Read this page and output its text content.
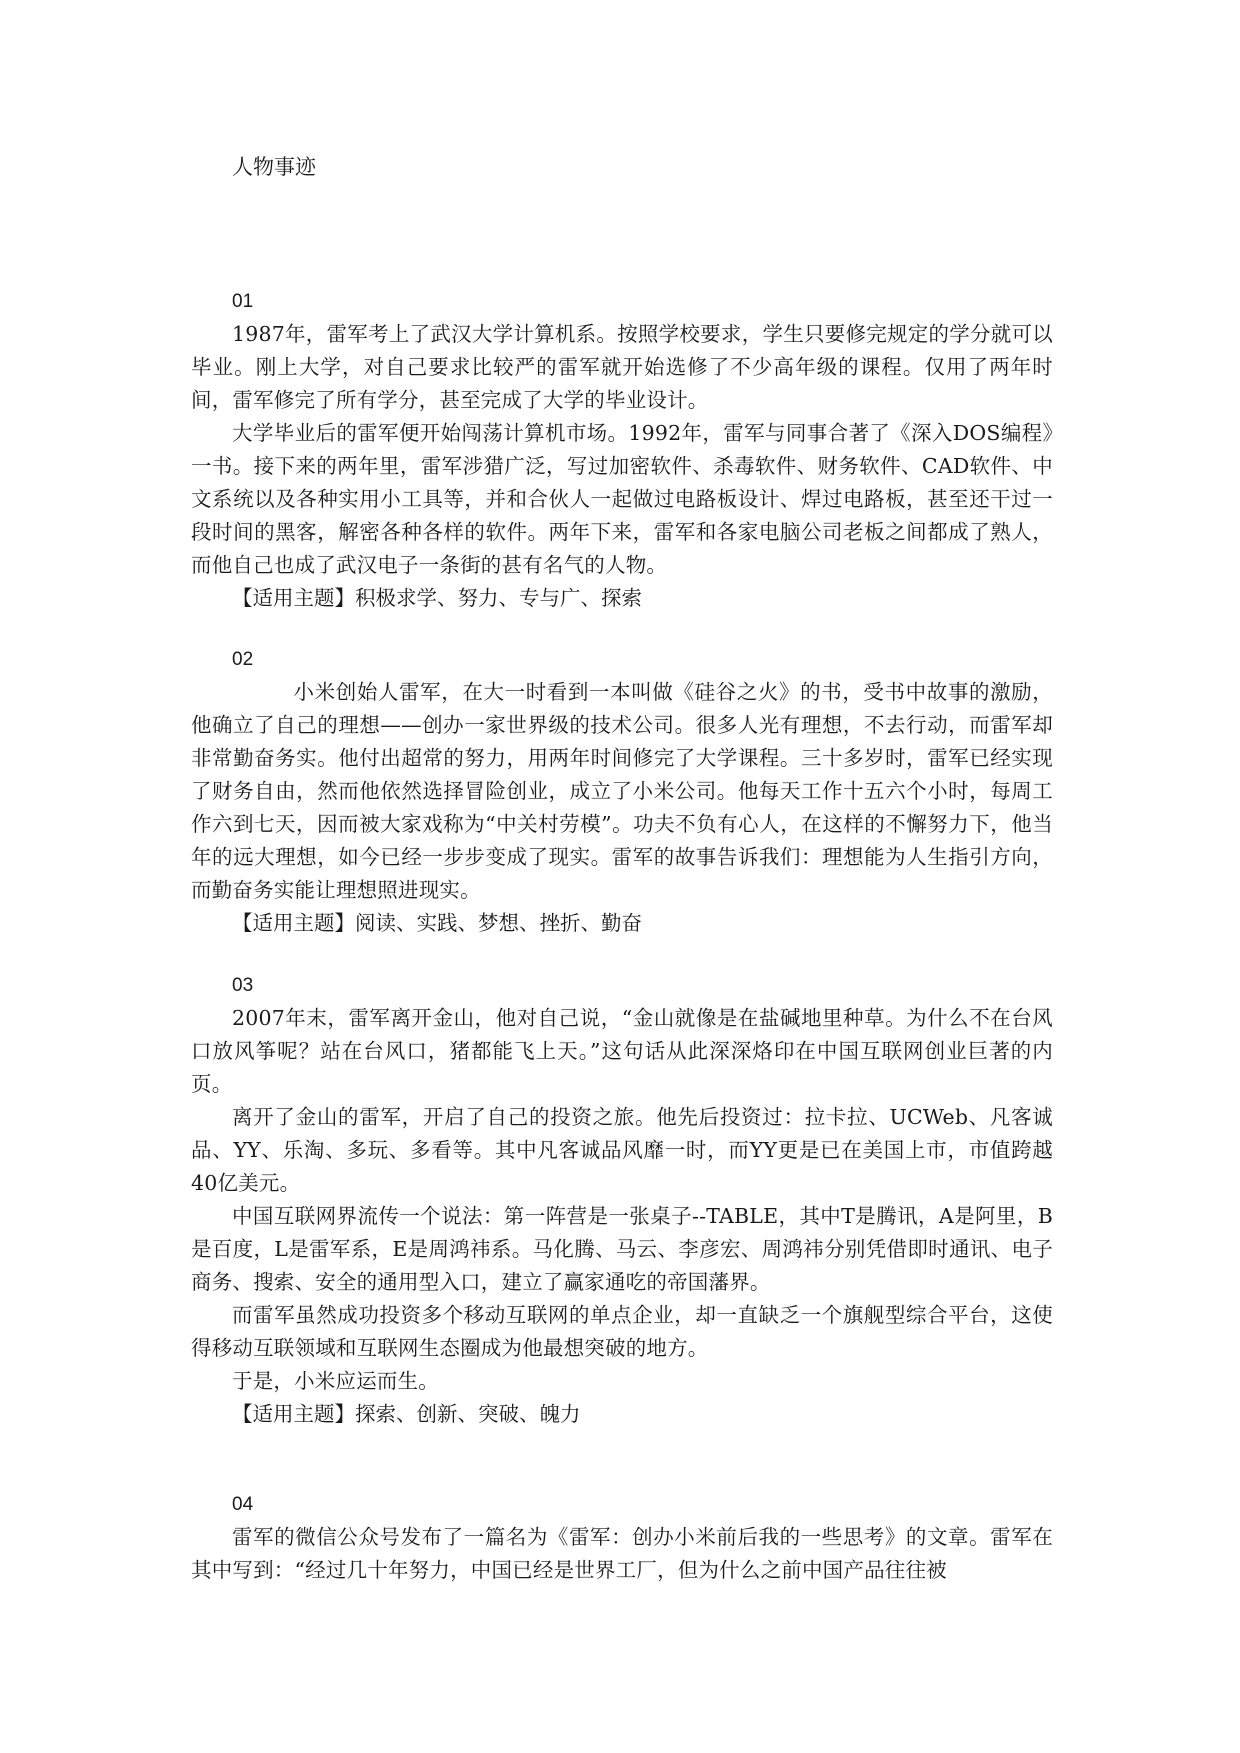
人物事迹
01

1987年，雷军考上了武汉大学计算机系。按照学校要求，学生只要修完规定的学分就可以毕业。刚上大学，对自己要求比较严的雷军就开始选修了不少高年级的课程。仅用了两年时间，雷军修完了所有学分，甚至完成了大学的毕业设计。

大学毕业后的雷军便开始闯荡计算机市场。1992年，雷军与同事合著了《深入DOS编程》一书。接下来的两年里，雷军涉猎广泛，写过加密软件、杀毒软件、财务软件、CAD软件、中文系统以及各种实用小工具等，并和合伙人一起做过电路板设计、焊过电路板，甚至还干过一段时间的黑客，解密各种各样的软件。两年下来，雷军和各家电脑公司老板之间都成了熟人，而他自己也成了武汉电子一条街的甚有名气的人物。

【适用主题】积极求学、努力、专与广、探索

02

小米创始人雷军，在大一时看到一本叫做《硅谷之火》的书，受书中故事的激励，他确立了自己的理想——创办一家世界级的技术公司。很多人光有理想，不去行动，而雷军却非常勤奋务实。他付出超常的努力，用两年时间修完了大学课程。三十多岁时，雷军已经实现了财务自由，然而他依然选择冒险创业，成立了小米公司。他每天工作十五六个小时，每周工作六到七天，因而被大家戏称为“中关村劳模”。功夫不负有心人，在这样的不懈努力下，他当年的远大理想，如今已经一步步变成了现实。雷军的故事告诉我们：理想能为人生指引方向，而勤奋务实能让理想照进现实。

【适用主题】阅读、实践、梦想、挫折、勤奋

03

2007年末，雷军离开金山，他对自己说，“金山就像是在盐碱地里种草。为什么不在台风口放风筝呢？站在台风口，猪都能飞上天。”这句话从此深深烙印在中国互联网创业巨著的内页。

离开了金山的雷军，开启了自己的投资之旅。他先后投资过：拉卡拉、UCWeb、凡客诚品、YY、乐淘、多玩、多看等。其中凡客诚品风靡一时，而YY更是已在美国上市，市值跨越40亿美元。

中国互联网界流传一个说法：第一阵营是一张桌子--TABLE，其中T是腾讯，A是阿里，B是百度，L是雷军系，E是周鸿祎系。马化腾、马云、李彦宏、周鸿祎分别凭借即时通讯、电子商务、搜索、安全的通用型入口，建立了赢家通吃的帝国藩界。

而雷军虽然成功投资多个移动互联网的单点企业，却一直缺乏一个旗舰型综合平台，这使得移动互联领域和互联网生态圈成为他最想突破的地方。

于是，小米应运而生。

【适用主题】探索、创新、突破、魄力

04

雷军的微信公众号发布了一篇名为《雷军：创办小米前后我的一些思考》的文章。雷军在其中写到：“经过几十年努力，中国已经是世界工厂，但为什么之前中国产品往往被
